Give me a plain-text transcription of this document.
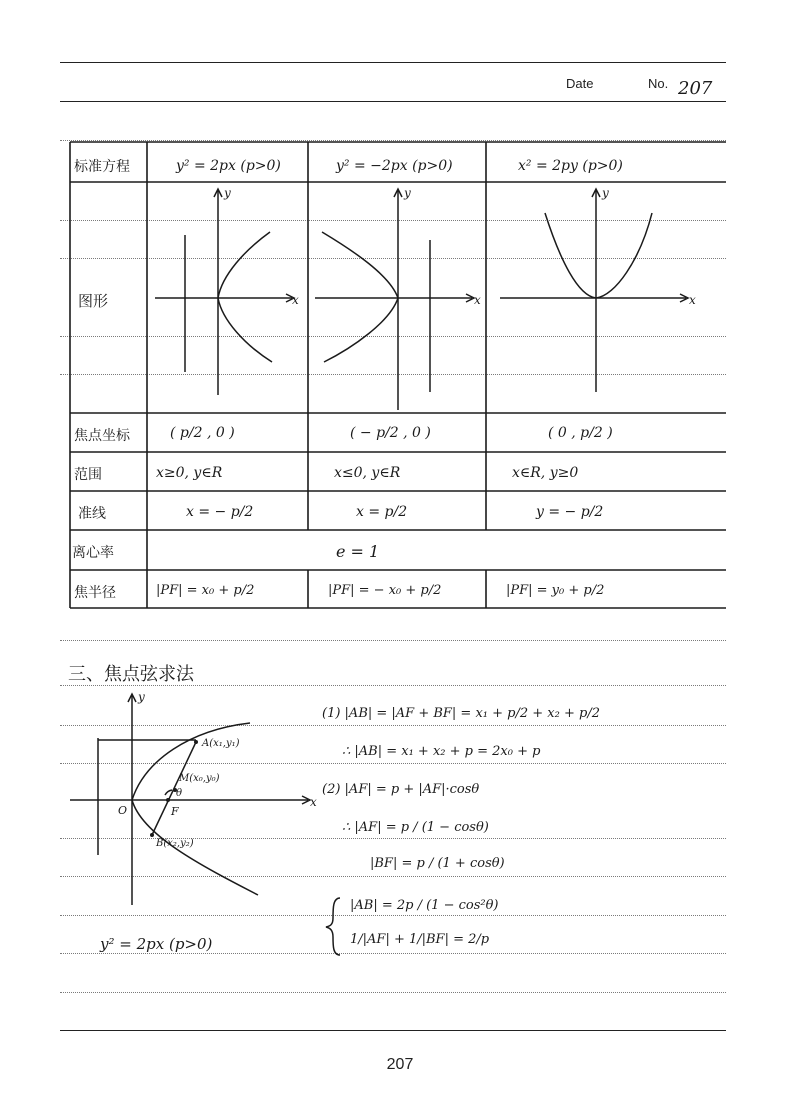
Date	No. 207
x
y
x
y
x
y
x
y
O	F
A(x₁,y₁)
M(x₀,y₀)
θ
B(x₂,y₂)
标准方程	y² = 2px (p>0)	y² = −2px (p>0)	x² = 2py (p>0)
图形
焦点坐标	( p/2 , 0 )	( − p/2 , 0 )	( 0 , p/2 )
范围	x≥0, y∈R	x≤0, y∈R	x∈R, y≥0
准线	x = − p/2	x = p/2	y = − p/2
离心率	e = 1
焦半径	|PF| = x₀ + p/2	|PF| = − x₀ + p/2	|PF| = y₀ + p/2
三、焦点弦求法
(1) |AB| = |AF + BF| = x₁ + p/2 + x₂ + p/2
∴ |AB| = x₁ + x₂ + p = 2x₀ + p
(2) |AF| = p + |AF|·cosθ
∴ |AF| = p / (1 − cosθ)
|BF| = p / (1 + cosθ)
|AB| = 2p / (1 − cos²θ)
1/|AF| + 1/|BF| = 2/p
y² = 2px (p>0)
207
